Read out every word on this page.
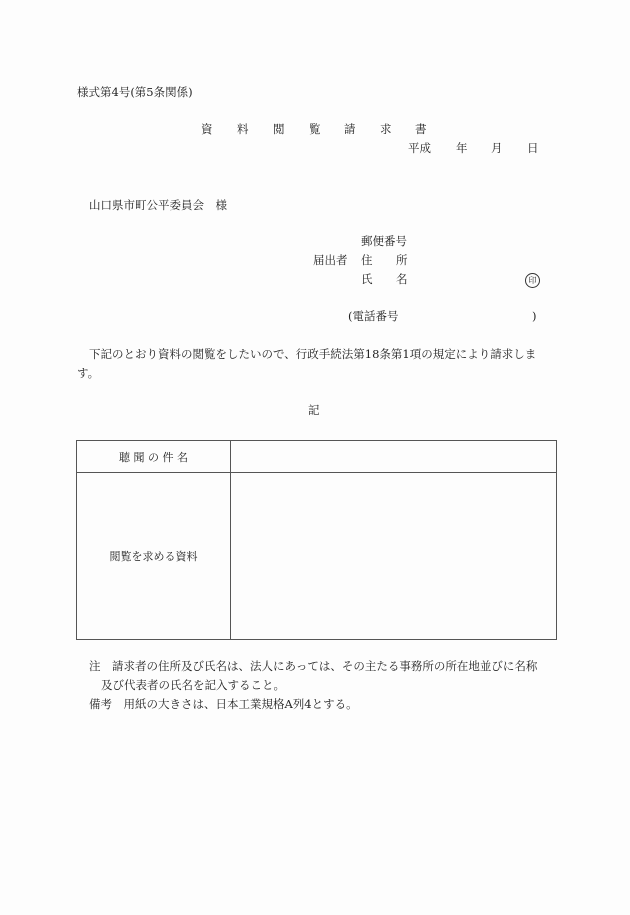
様式第4号(第5条関係)
資 料 閲 覧 請 求 書
平成 年 月 日
山口県市町公平委員会　様
郵便番号
届出者 住 所
氏 名	印
(電話番号	)
下記のとおり資料の閲覧をしたいので、行政手続法第18条第1項の規定により請求しま
す。
記
聴 聞 の 件 名	
閲覧を求める資料	
注　請求者の住所及び氏名は、法人にあっては、その主たる事務所の所在地並びに名称
及び代表者の氏名を記入すること。
備考　用紙の大きさは、日本工業規格A列4とする。
